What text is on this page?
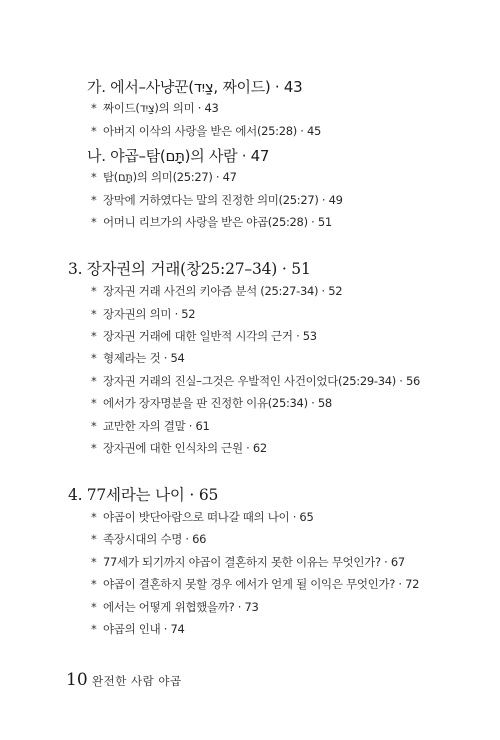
가. 에서–사냥꾼(צַיִד, 짜이드) · 43
* 짜이드(צַיִד)의 의미 · 43
* 아버지 이삭의 사랑을 받은 에서(25:28) · 45
나. 야곱–탐(תָּם)의 사람 · 47
* 탐(תָּם)의 의미(25:27) · 47
* 장막에 거하였다는 말의 진정한 의미(25:27) · 49
* 어머니 리브가의 사랑을 받은 야곱(25:28) · 51
3. 장자권의 거래(창25:27–34) · 51
* 장자권 거래 사건의 키아즘 분석 (25:27-34) · 52
* 장자권의 의미 · 52
* 장자권 거래에 대한 일반적 시각의 근거 · 53
* 형제라는 것 · 54
* 장자권 거래의 진실–그것은 우발적인 사건이었다(25:29-34) · 56
* 에서가 장자명분을 판 진정한 이유(25:34) · 58
* 교만한 자의 결말 · 61
* 장자권에 대한 인식차의 근원 · 62
4. 77세라는 나이 · 65
* 야곱이 밧단아람으로 떠나갈 때의 나이 · 65
* 족장시대의 수명 · 66
* 77세가 되기까지 야곱이 결혼하지 못한 이유는 무엇인가? · 67
* 야곱이 결혼하지 못할 경우 에서가 얻게 될 이익은 무엇인가? · 72
* 에서는 어떻게 위협했을까? · 73
* 야곱의 인내 · 74
10 완전한 사람 야곱
